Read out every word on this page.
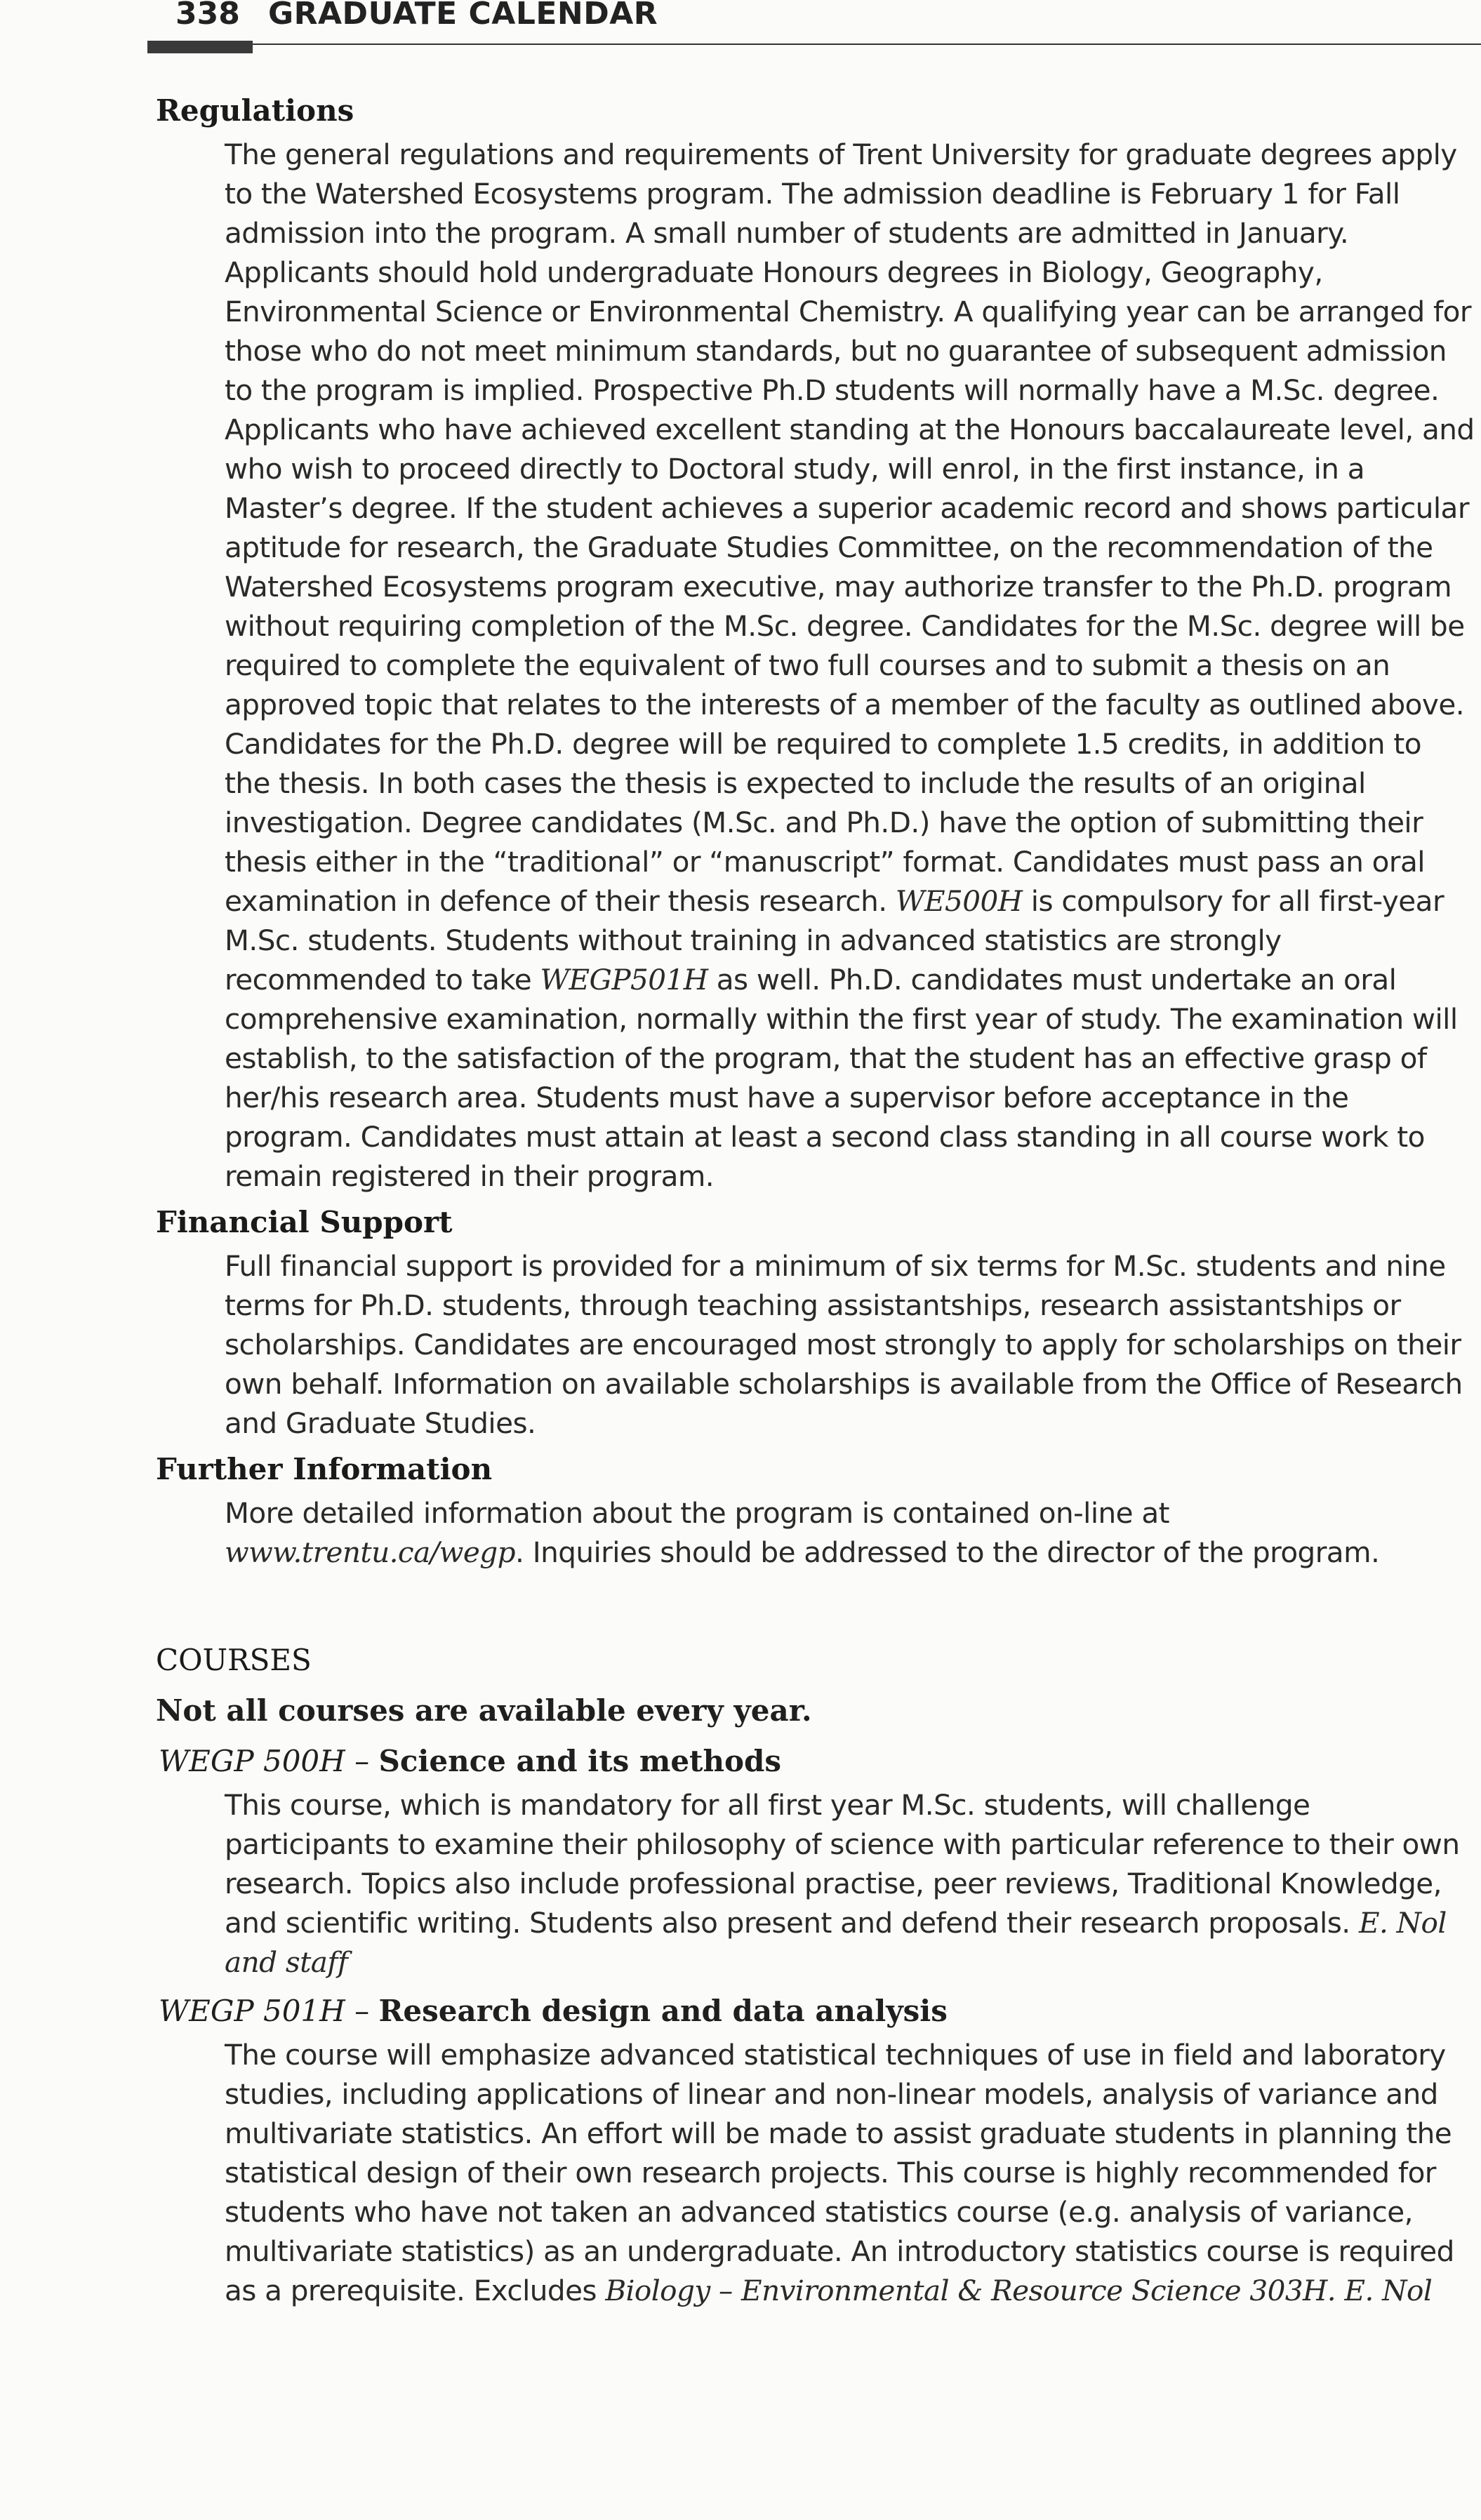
338 GRADUATE CALENDAR
Regulations

The general regulations and requirements of Trent University for graduate degrees apply to the Watershed Ecosystems program. The admission deadline is February 1 for Fall admission into the program. A small number of students are admitted in January. Applicants should hold undergraduate Honours degrees in Biology, Geography, Environmental Science or Environmental Chemistry. A qualifying year can be arranged for those who do not meet minimum standards, but no guarantee of subsequent admission to the program is implied. Prospective Ph.D students will normally have a M.Sc. degree. Applicants who have achieved excellent standing at the Honours baccalaureate level, and who wish to proceed directly to Doctoral study, will enrol, in the first instance, in a Master’s degree. If the student achieves a superior academic record and shows particular aptitude for research, the Graduate Studies Committee, on the recommendation of the Watershed Ecosystems program executive, may authorize transfer to the Ph.D. program without requiring completion of the M.Sc. degree. Candidates for the M.Sc. degree will be required to complete the equivalent of two full courses and to submit a thesis on an approved topic that relates to the interests of a member of the faculty as outlined above. Candidates for the Ph.D. degree will be required to complete 1.5 credits, in addition to the thesis. In both cases the thesis is expected to include the results of an original investigation. Degree candidates (M.Sc. and Ph.D.) have the option of submitting their thesis either in the “traditional” or “manuscript” format. Candidates must pass an oral examination in defence of their thesis research. WE500H is compulsory for all first-year M.Sc. students. Students without training in advanced statistics are strongly recommended to take WEGP501H as well. Ph.D. candidates must undertake an oral comprehensive examination, normally within the first year of study. The examination will establish, to the satisfaction of the program, that the student has an effective grasp of her/his research area. Students must have a supervisor before acceptance in the program. Candidates must attain at least a second class standing in all course work to remain registered in their program.

Financial Support

Full financial support is provided for a minimum of six terms for M.Sc. students and nine terms for Ph.D. students, through teaching assistantships, research assistantships or scholarships. Candidates are encouraged most strongly to apply for scholarships on their own behalf. Information on available scholarships is available from the Office of Research and Graduate Studies.

Further Information

More detailed information about the program is contained on-line at www.trentu.ca/wegp. Inquiries should be addressed to the director of the program.

COURSES

Not all courses are available every year.

WEGP 500H – Science and its methods

This course, which is mandatory for all first year M.Sc. students, will challenge participants to examine their philosophy of science with particular reference to their own research. Topics also include professional practise, peer reviews, Traditional Knowledge, and scientific writing. Students also present and defend their research proposals. E. Nol and staff

WEGP 501H – Research design and data analysis

The course will emphasize advanced statistical techniques of use in field and laboratory studies, including applications of linear and non-linear models, analysis of variance and multivariate statistics. An effort will be made to assist graduate students in planning the statistical design of their own research projects. This course is highly recommended for students who have not taken an advanced statistics course (e.g. analysis of variance, multivariate statistics) as an undergraduate. An introductory statistics course is required as a prerequisite. Excludes Biology – Environmental & Resource Science 303H. E. Nol
